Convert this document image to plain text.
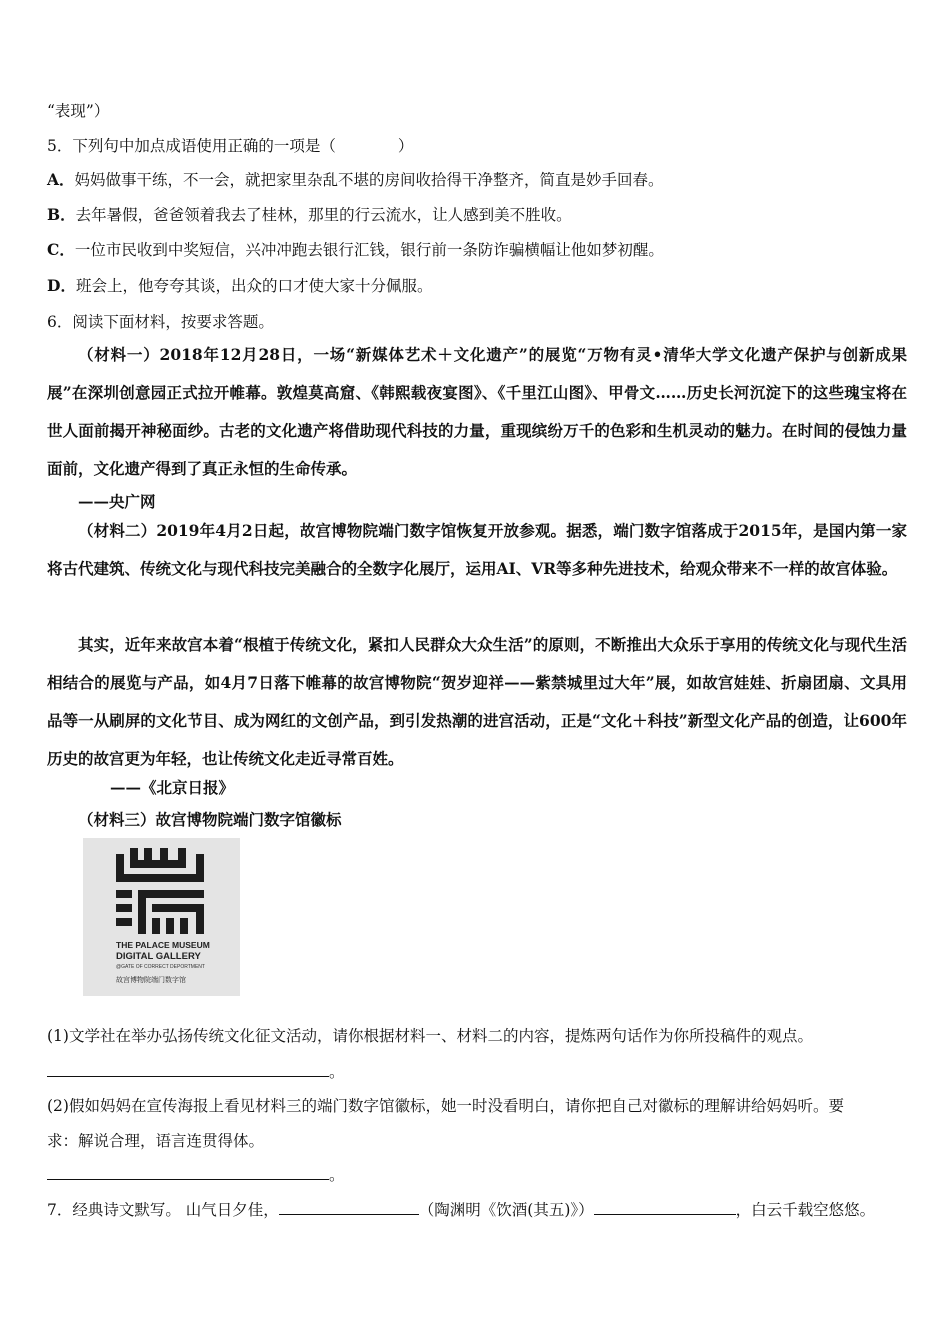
“表现”）
5．下列句中加点成语使用正确的一项是（　　　　）
A．妈妈做事干练，不一会，就把家里杂乱不堪的房间收拾得干净整齐，简直是妙手回春。
B．去年暑假，爸爸领着我去了桂林，那里的行云流水，让人感到美不胜收。
C．一位市民收到中奖短信，兴冲冲跑去银行汇钱，银行前一条防诈骗横幅让他如梦初醒。
D．班会上，他夸夸其谈，出众的口才使大家十分佩服。
6．阅读下面材料，按要求答题。
（材料一）2018年12月28日，一场“新媒体艺术＋文化遗产”的展览“万物有灵•清华大学文化遗产保护与创新成果展”在深圳创意园正式拉开帷幕。敦煌莫高窟、《韩熙载夜宴图》、《千里江山图》、甲骨文……历史长河沉淀下的这些瑰宝将在世人面前揭开神秘面纱。古老的文化遗产将借助现代科技的力量，重现缤纷万千的色彩和生机灵动的魅力。在时间的侵蚀力量面前，文化遗产得到了真正永恒的生命传承。
——央广网
（材料二）2019年4月2日起，故宫博物院端门数字馆恢复开放参观。据悉，端门数字馆落成于2015年，是国内第一家将古代建筑、传统文化与现代科技完美融合的全数字化展厅，运用AI、VR等多种先进技术，给观众带来不一样的故宫体验。
其实，近年来故宫本着“根植于传统文化，紧扣人民群众大众生活”的原则，不断推出大众乐于享用的传统文化与现代生活相结合的展览与产品，如4月7日落下帷幕的故宫博物院“贺岁迎祥——紫禁城里过大年”展，如故宫娃娃、折扇团扇、文具用品等一从刷屏的文化节目、成为网红的文创产品，到引发热潮的进宫活动，正是“文化＋科技”新型文化产品的创造，让600年历史的故宫更为年轻，也让传统文化走近寻常百姓。
——《北京日报》
（材料三）故宫博物院端门数字馆徽标
THE PALACE MUSEUM
DIGITAL GALLERY
@GATE OF CORRECT DEPORTMENT
故宫博物院端门数字馆
(1)文学社在举办弘扬传统文化征文活动，请你根据材料一、材料二的内容，提炼两句话作为你所投稿件的观点。
。
(2)假如妈妈在宣传海报上看见材料三的端门数字馆徽标，她一时没看明白，请你把自己对徽标的理解讲给妈妈听。要
求：解说合理，语言连贯得体。
。
7．经典诗文默写。 山气日夕佳，	（陶渊明《饮酒(其五)》）	，白云千载空悠悠。
